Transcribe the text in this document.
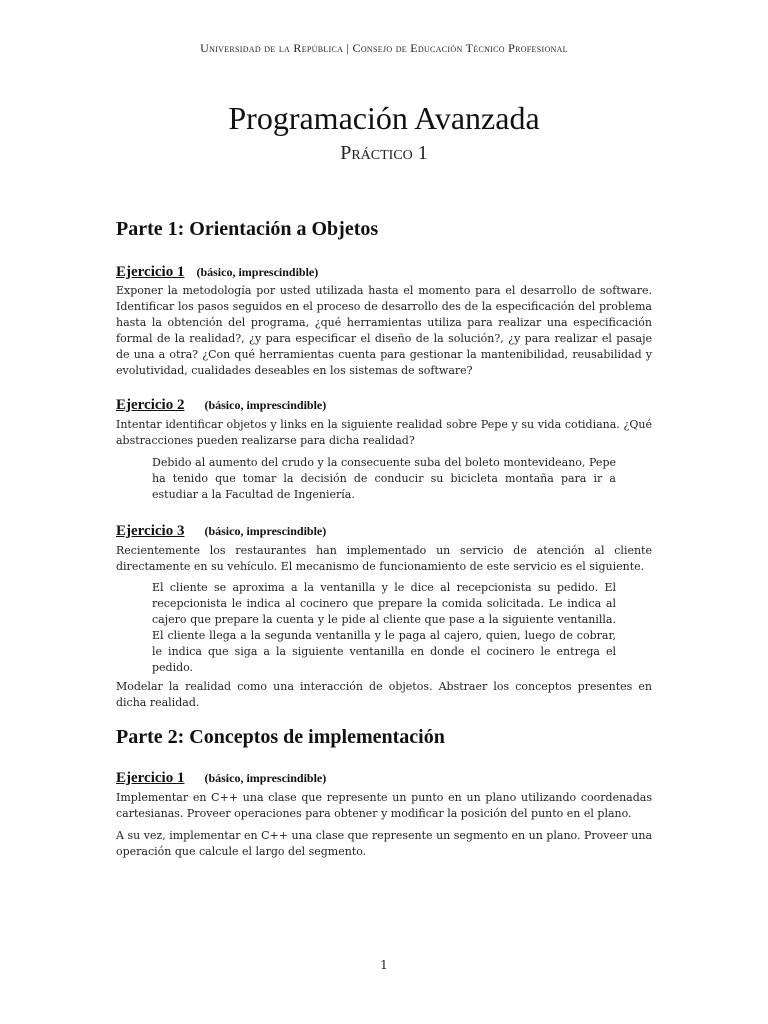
Universidad de la República | Consejo de Educación Técnico Profesional
Programación Avanzada
Práctico 1
Parte 1: Orientación a Objetos
Ejercicio 1 (básico, imprescindible)
Exponer la metodología por usted utilizada hasta el momento para el desarrollo de software. Identificar los pasos seguidos en el proceso de desarrollo des de la especificación del problema hasta la obtención del programa, ¿qué herramientas utiliza para realizar una especificación formal de la realidad?, ¿y para especificar el diseño de la solución?, ¿y para realizar el pasaje de una a otra? ¿Con qué herramientas cuenta para gestionar la mantenibilidad, reusabilidad y evolutividad, cualidades deseables en los sistemas de software?
Ejercicio 2 (básico, imprescindible)
Intentar identificar objetos y links en la siguiente realidad sobre Pepe y su vida cotidiana. ¿Qué abstracciones pueden realizarse para dicha realidad?
Debido al aumento del crudo y la consecuente suba del boleto montevideano, Pepe ha tenido que tomar la decisión de conducir su bicicleta montaña para ir a estudiar a la Facultad de Ingeniería.
Ejercicio 3 (básico, imprescindible)
Recientemente los restaurantes han implementado un servicio de atención al cliente directamente en su vehículo. El mecanismo de funcionamiento de este servicio es el siguiente.
El cliente se aproxima a la ventanilla y le dice al recepcionista su pedido. El recepcionista le indica al cocinero que prepare la comida solicitada. Le indica al cajero que prepare la cuenta y le pide al cliente que pase a la siguiente ventanilla. El cliente llega a la segunda ventanilla y le paga al cajero, quien, luego de cobrar, le indica que siga a la siguiente ventanilla en donde el cocinero le entrega el pedido.
Modelar la realidad como una interacción de objetos. Abstraer los conceptos presentes en dicha realidad.
Parte 2: Conceptos de implementación
Ejercicio 1 (básico, imprescindible)
Implementar en C++ una clase que represente un punto en un plano utilizando coordenadas cartesianas. Proveer operaciones para obtener y modificar la posición del punto en el plano.
A su vez, implementar en C++ una clase que represente un segmento en un plano. Proveer una operación que calcule el largo del segmento.
1
